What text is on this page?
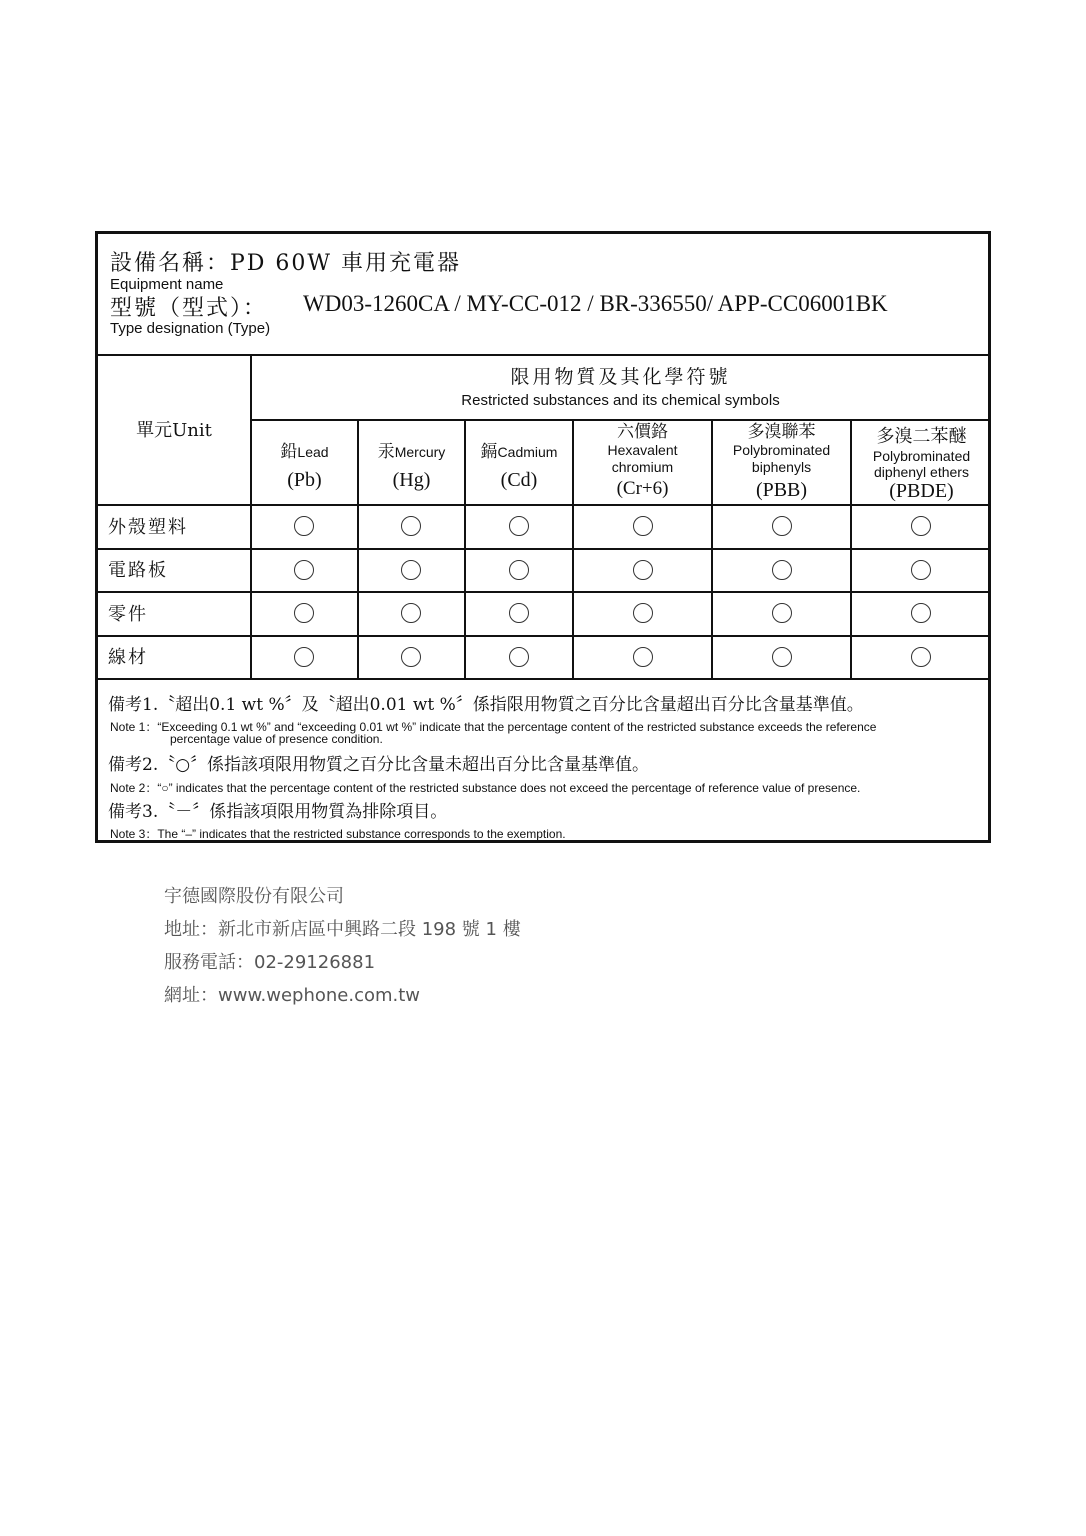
設備名稱：PD 60W 車用充電器
Equipment name
型號（型式）： WD03-1260CA / MY-CC-012 / BR-336550/ APP-CC06001BK
Type designation (Type)
單元Unit
限用物質及其化學符號
Restricted substances and its chemical symbols
鉛Lead
(Pb)
汞Mercury
(Hg)
鎘Cadmium
(Cd)
六價鉻
Hexavalent chromium
(Cr+6)
多溴聯苯
Polybrominated biphenyls
(PBB)
多溴二苯醚
Polybrominated diphenyl ethers
(PBDE)
外殼塑料
電路板
零件
線材
備考1.〝超出0.1 wt %〞及〝超出0.01 wt %〞係指限用物質之百分比含量超出百分比含量基準值。
Note 1：“Exceeding 0.1 wt %” and “exceeding 0.01 wt %” indicate that the percentage content of the restricted substance exceeds the reference
percentage value of presence condition.
備考2.〝○〞係指該項限用物質之百分比含量未超出百分比含量基準值。
Note 2：“○” indicates that the percentage content of the restricted substance does not exceed the percentage of reference value of presence.
備考3.〝－〞係指該項限用物質為排除項目。
Note 3：The “–” indicates that the restricted substance corresponds to the exemption.
宇德國際股份有限公司
地址：新北市新店區中興路二段 198 號 1 樓
服務電話：02-29126881
網址：www.wephone.com.tw
